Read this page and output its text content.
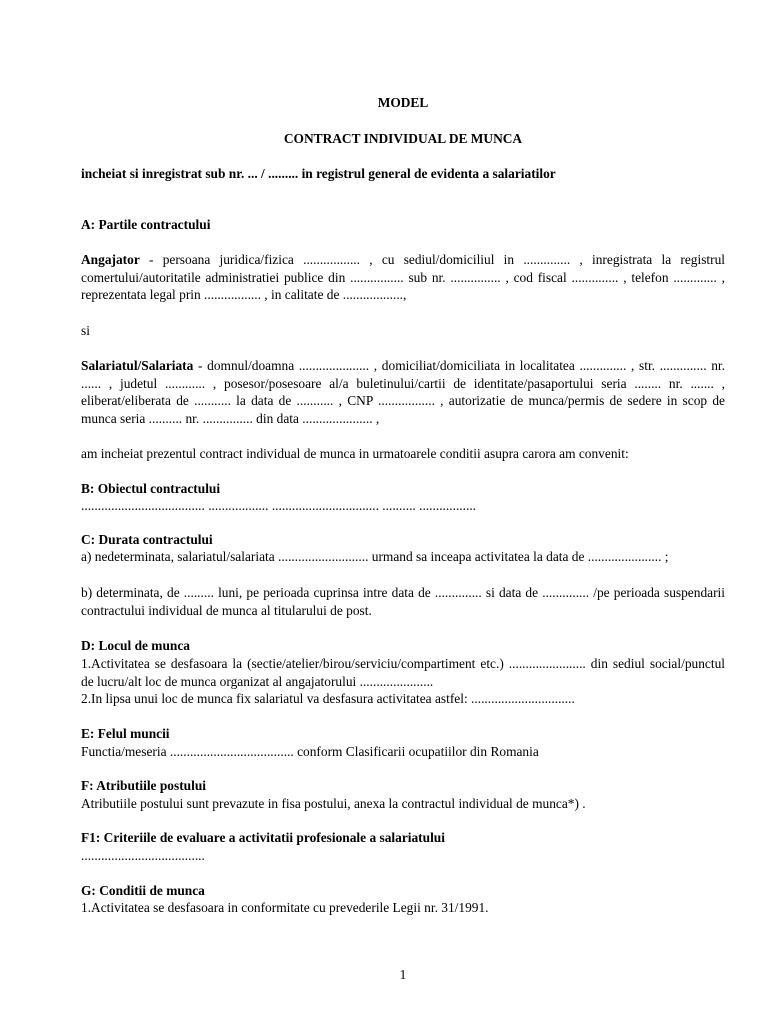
MODEL
CONTRACT INDIVIDUAL DE MUNCA
incheiat si inregistrat sub nr. ... / ......... in registrul general de evidenta a salariatilor
A: Partile contractului
Angajator - persoana juridica/fizica ................. , cu sediul/domiciliul in .............. , inregistrata la registrul comertului/autoritatile administratiei publice din ................ sub nr. ............... , cod fiscal .............. , telefon ............. , reprezentata legal prin ................. , in calitate de ..................,
si
Salariatul/Salariata - domnul/doamna ..................... , domiciliat/domiciliata in localitatea .............. , str. .............. nr. ...... , judetul ............ , posesor/posesoare al/a buletinului/cartii de identitate/pasaportului seria ........ nr. ....... , eliberat/eliberata de ........... la data de ........... , CNP ................. , autorizatie de munca/permis de sedere in scop de munca seria .......... nr. ............... din data ..................... ,
am incheiat prezentul contract individual de munca in urmatoarele conditii asupra carora am convenit:
B: Obiectul contractului
..................................... .................. ................................ .......... .................
C: Durata contractului
a) nedeterminata, salariatul/salariata ........................... urmand sa inceapa activitatea la data de ...................... ;
b) determinata, de ......... luni, pe perioada cuprinsa intre data de .............. si data de .............. /pe perioada suspendarii contractului individual de munca al titularului de post.
D: Locul de munca
1.Activitatea se desfasoara la (sectie/atelier/birou/serviciu/compartiment etc.) ....................... din sediul social/punctul de lucru/alt loc de munca organizat al angajatorului ......................
2.In lipsa unui loc de munca fix salariatul va desfasura activitatea astfel: ...............................
E: Felul muncii
Functia/meseria ..................................... conform Clasificarii ocupatiilor din Romania
F: Atributiile postului
Atributiile postului sunt prevazute in fisa postului, anexa la contractul individual de munca*) .
F1: Criteriile de evaluare a activitatii profesionale a salariatului
.....................................
G: Conditii de munca
1.Activitatea se desfasoara in conformitate cu prevederile Legii nr. 31/1991.
1
